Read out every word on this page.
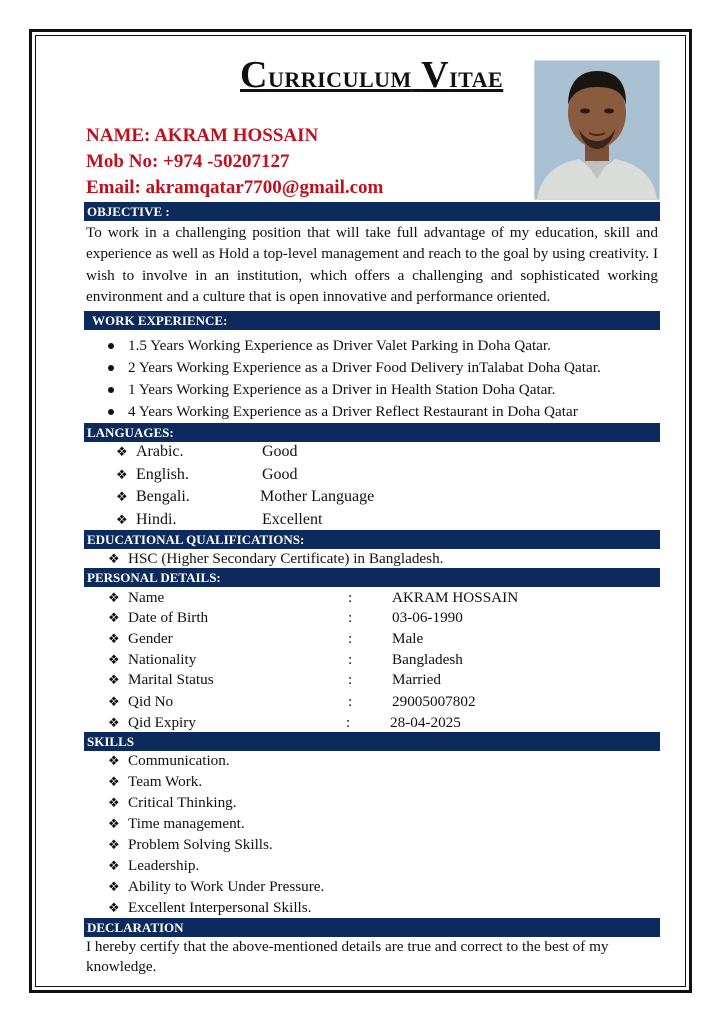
CURRICULUM VITAE
NAME: AKRAM HOSSAIN
Mob No: +974 -50207127
Email: akramqatar7700@gmail.com
OBJECTIVE :
To work in a challenging position that will take full advantage of my education, skill and experience as well as Hold a top-level management and reach to the goal by using creativity. I wish to involve in an institution, which offers a challenging and sophisticated working environment and a culture that is open innovative and performance oriented.
WORK EXPERIENCE:
1.5 Years Working Experience as Driver Valet Parking in Doha Qatar.
2 Years Working Experience as a Driver Food Delivery inTalabat Doha Qatar.
1 Years Working Experience as a Driver in Health Station Doha Qatar.
4 Years Working Experience as a Driver Reflect Restaurant in Doha Qatar
LANGUAGES:
❖ Arabic.	Good
❖ English.	Good
❖ Bengali.	Mother Language
❖ Hindi.	Excellent
EDUCATIONAL QUALIFICATIONS:
❖ HSC (Higher Secondary Certificate) in Bangladesh.
PERSONAL DETAILS:
❖ Name	:	AKRAM HOSSAIN
❖ Date of Birth	:	03-06-1990
❖ Gender	:	Male
❖ Nationality	:	Bangladesh
❖ Marital Status	:	Married
❖ Qid No	:	29005007802
❖ Qid Expiry	:	28-04-2025
SKILLS
❖ Communication.
❖ Team Work.
❖ Critical Thinking.
❖ Time management.
❖ Problem Solving Skills.
❖ Leadership.
❖ Ability to Work Under Pressure.
❖ Excellent Interpersonal Skills.
DECLARATION
I hereby certify that the above-mentioned details are true and correct to the best of my knowledge.
